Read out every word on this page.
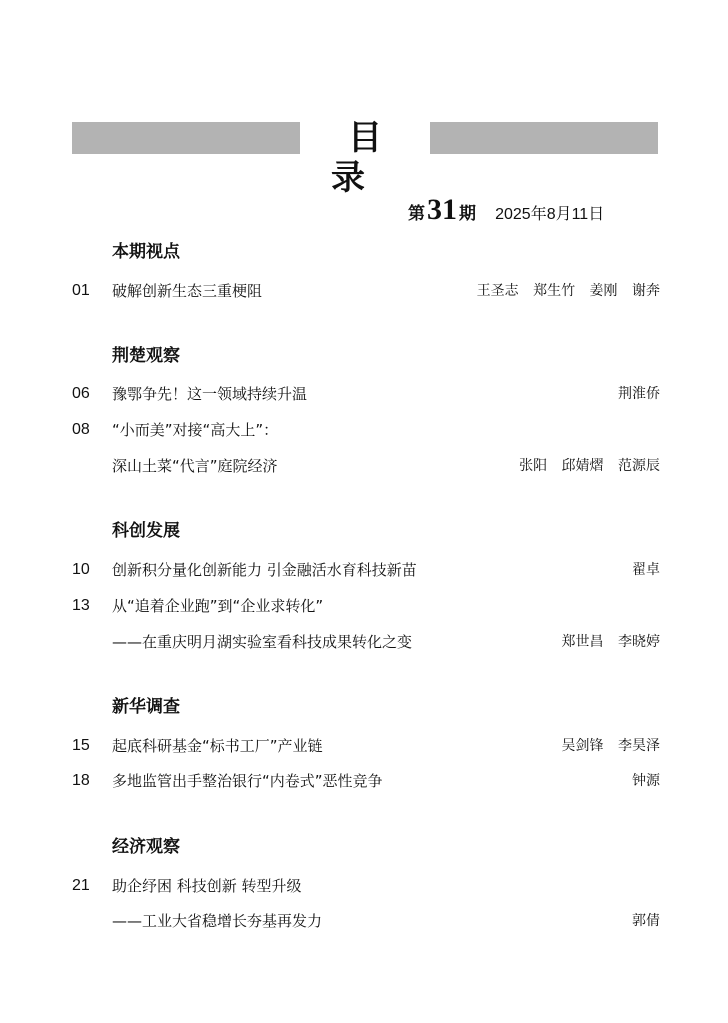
目 录
第31 期 2025年8月11日
本期视点
01	破解创新生态三重梗阻	王圣志 郑生竹 姜刚 谢奔
荆楚观察
06	豫鄂争先！这一领域持续升温	荆淮侨
08	“小而美”对接“高大上”：
深山土菜“代言”庭院经济	张阳 邱婧熠 范源辰
科创发展
10	创新积分量化创新能力 引金融活水育科技新苗	翟卓
13	从“追着企业跑”到“企业求转化”
——在重庆明月湖实验室看科技成果转化之变	郑世昌 李晓婷
新华调查
15	起底科研基金“标书工厂”产业链	吴剑锋 李昊泽
18	多地监管出手整治银行“内卷式”恶性竞争	钟源
经济观察
21	助企纾困 科技创新 转型升级
——工业大省稳增长夯基再发力	郭倩
